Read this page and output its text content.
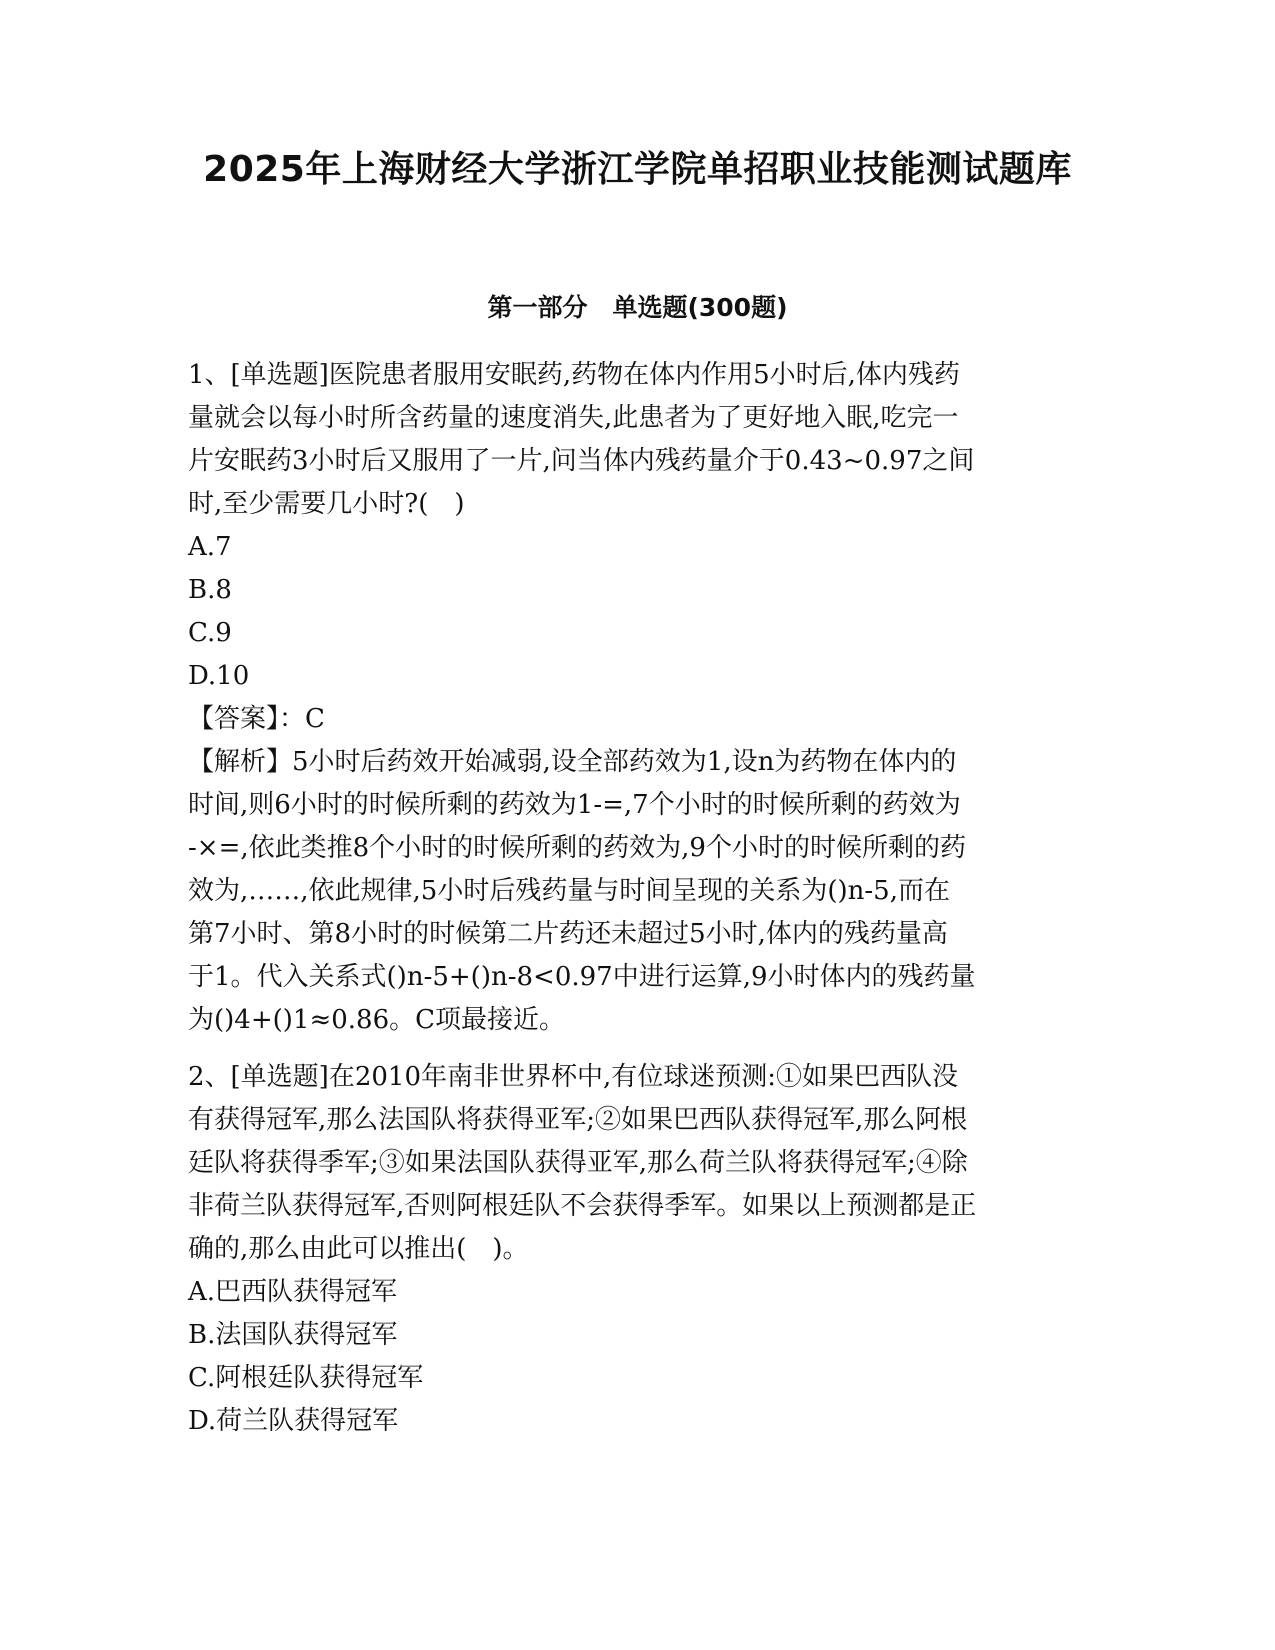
2025年上海财经大学浙江学院单招职业技能测试题库
第一部分　单选题(300题)
1、[单选题]医院患者服用安眠药,药物在体内作用5小时后,体内残药
量就会以每小时所含药量的速度消失,此患者为了更好地入眠,吃完一
片安眠药3小时后又服用了一片,问当体内残药量介于0.43~0.97之间
时,至少需要几小时?(　)
A.7
B.8
C.9
D.10
【答案】：C
【解析】5小时后药效开始减弱,设全部药效为1,设n为药物在体内的
时间,则6小时的时候所剩的药效为1-=,7个小时的时候所剩的药效为
-×=,依此类推8个小时的时候所剩的药效为,9个小时的时候所剩的药
效为,……,依此规律,5小时后残药量与时间呈现的关系为()n-5,而在
第7小时、第8小时的时候第二片药还未超过5小时,体内的残药量高
于1。代入关系式()n-5+()n-8<0.97中进行运算,9小时体内的残药量
为()4+()1≈0.86。C项最接近。
2、[单选题]在2010年南非世界杯中,有位球迷预测:①如果巴西队没
有获得冠军,那么法国队将获得亚军;②如果巴西队获得冠军,那么阿根
廷队将获得季军;③如果法国队获得亚军,那么荷兰队将获得冠军;④除
非荷兰队获得冠军,否则阿根廷队不会获得季军。如果以上预测都是正
确的,那么由此可以推出(　)。
A.巴西队获得冠军
B.法国队获得冠军
C.阿根廷队获得冠军
D.荷兰队获得冠军
